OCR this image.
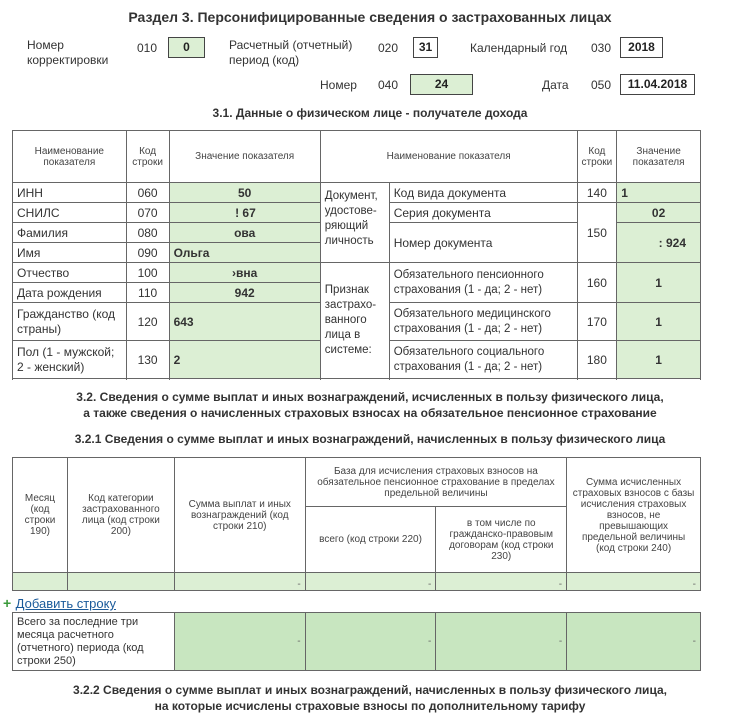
Раздел 3. Персонифицированные сведения о застрахованных лицах
Номер корректировки
010	0	Расчетный (отчетный) период (код)
020	31	Календарный год 030	2018
Номер 040	24	Дата 050	11.04.2018
3.1. Данные о физическом лице - получателе дохода
Наименование показателя	Код строки	Значение показателя	Наименование показателя		Код строки	Значение показателя
ИНН	060	50	Документ, удостове-ряющий личность	Код вида документа	140	1
СНИЛС	070	ǃ 67		Серия документа	150	02
Фамилия	080	ова		Номер документа		: 924
Имя	090	Ольга				
Отчество	100	›вна	Признак застрахо-ванного лица в системе:	Обязательного пенсионного страхования (1 - да; 2 - нет)	160	1
Дата рождения	110	942				
Гражданство (код страны)	120	643		Обязательного медицинского страхования (1 - да; 2 - нет)	170	1
Пол (1 - мужской; 2 - женский)	130	2		Обязательного социального страхования (1 - да; 2 - нет)	180	1

3.2. Сведения о сумме выплат и иных вознаграждений, исчисленных в пользу физического лица,
а также сведения о начисленных страховых взносах на обязательное пенсионное страхование
3.2.1 Сведения о сумме выплат и иных вознаграждений, начисленных в пользу физического лица
Месяц (код строки 190)	Код категории застрахованного лица (код строки 200)	Сумма выплат и иных вознаграждений (код строки 210)	База для исчисления страховых взносов на обязательное пенсионное страхование в пределах предельной величины		Сумма исчисленных страховых взносов с базы исчисления страховых взносов, не превышающих предельной величины (код строки 240)
			всего (код строки 220)	в том числе по гражданско-правовым договорам (код строки 230)	
		-	-	-	-
+ Добавить строку
Всего за последние три месяца расчетного (отчетного) периода (код строки 250)	-	-	-	-
3.2.2 Сведения о сумме выплат и иных вознаграждений, начисленных в пользу физического лица,
на которые исчислены страховые взносы по дополнительному тарифу
